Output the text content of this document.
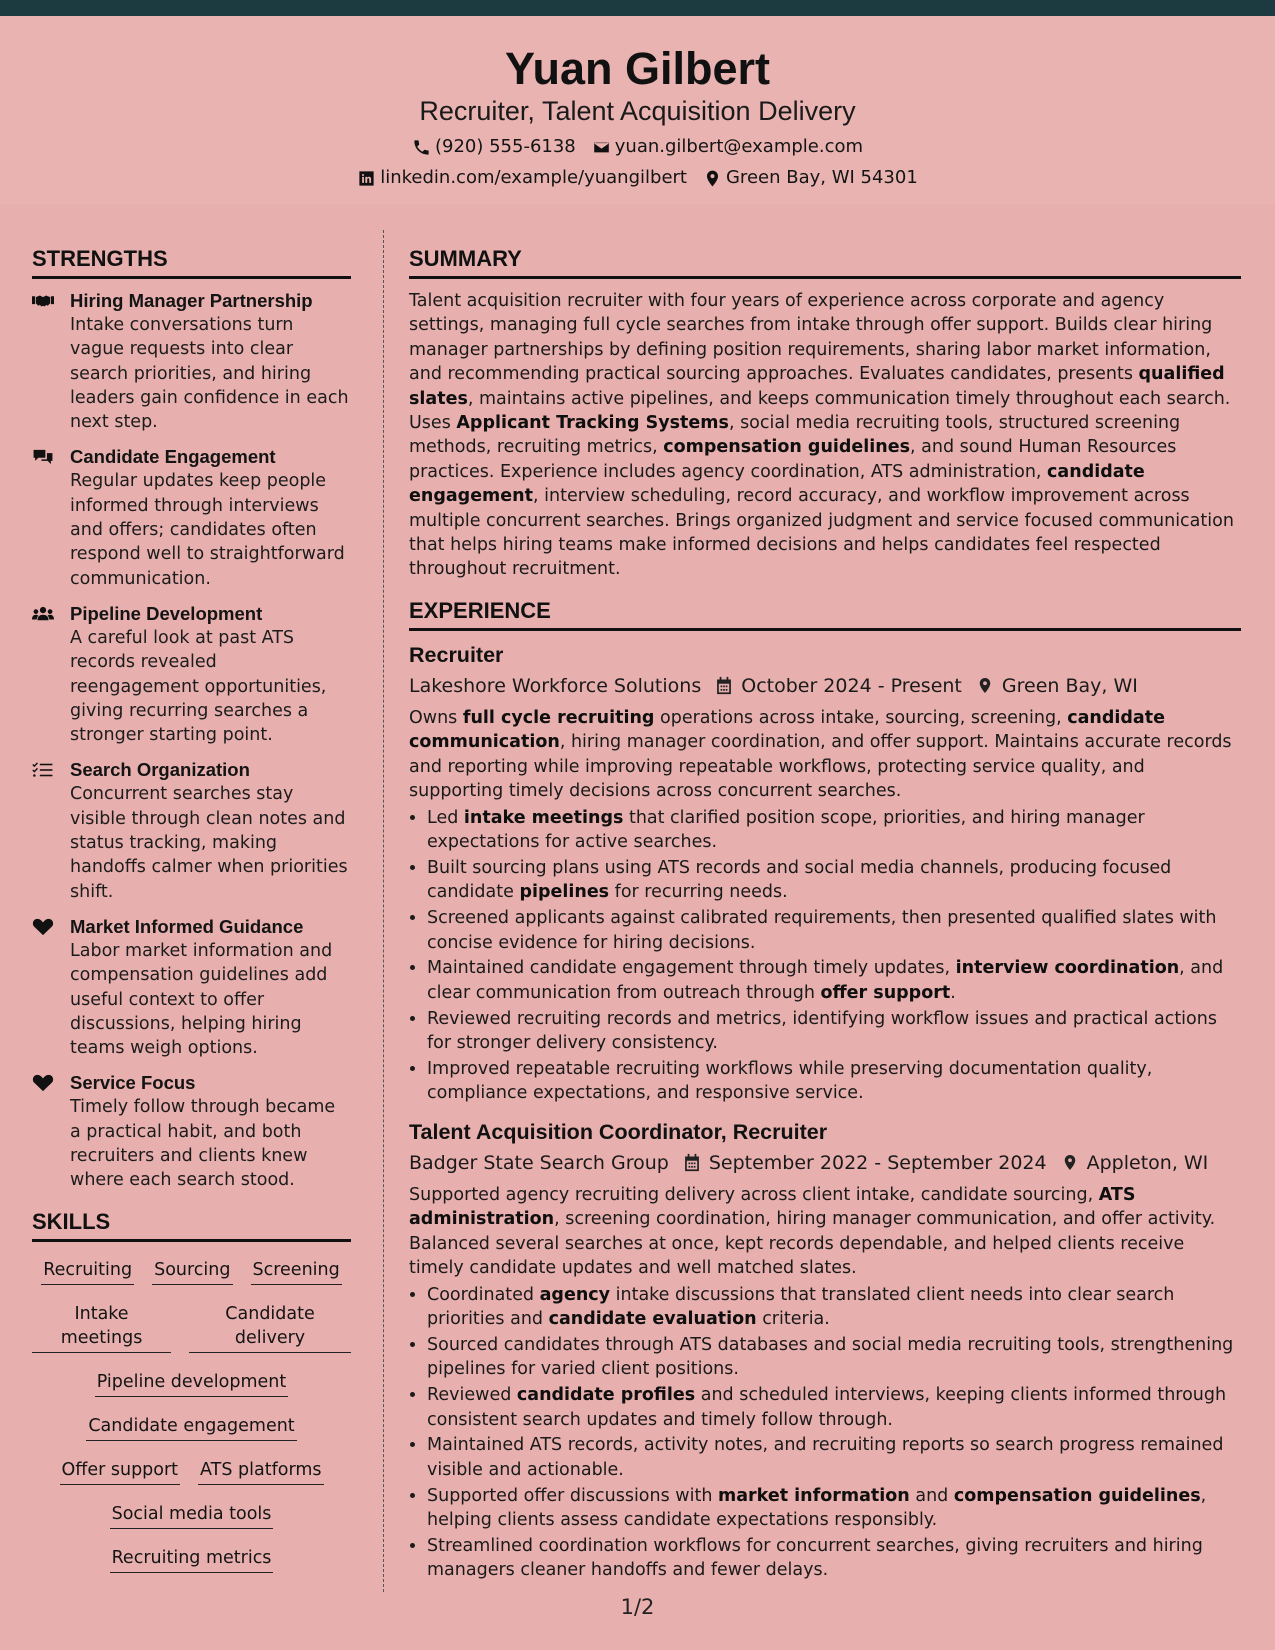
Yuan Gilbert
Recruiter, Talent Acquisition Delivery
(920) 555-6138 yuan.gilbert@example.com
linkedin.com/example/yuangilbert Green Bay, WI 54301
STRENGTHS
Hiring Manager Partnership
Intake conversations turn vague requests into clear search priorities, and hiring leaders gain confidence in each next step.
Candidate Engagement
Regular updates keep people informed through interviews and offers; candidates often respond well to straightforward communication.
Pipeline Development
A careful look at past ATS records revealed reengagement opportunities, giving recurring searches a stronger starting point.
Search Organization
Concurrent searches stay visible through clean notes and status tracking, making handoffs calmer when priorities shift.
Market Informed Guidance
Labor market information and compensation guidelines add useful context to offer discussions, helping hiring teams weigh options.
Service Focus
Timely follow through became a practical habit, and both recruiters and clients knew where each search stood.
SKILLS
Recruiting Sourcing Screening
Intake meetings
Candidate delivery
Pipeline development
Candidate engagement
Offer support ATS platforms
Social media tools
Recruiting metrics
SUMMARY
Talent acquisition recruiter with four years of experience across corporate and agency settings, managing full cycle searches from intake through offer support. Builds clear hiring manager partnerships by defining position requirements, sharing labor market information, and recommending practical sourcing approaches. Evaluates candidates, presents qualified slates, maintains active pipelines, and keeps communication timely throughout each search. Uses Applicant Tracking Systems, social media recruiting tools, structured screening methods, recruiting metrics, compensation guidelines, and sound Human Resources practices. Experience includes agency coordination, ATS administration, candidate engagement, interview scheduling, record accuracy, and workflow improvement across multiple concurrent searches. Brings organized judgment and service focused communication that helps hiring teams make informed decisions and helps candidates feel respected throughout recruitment.
EXPERIENCE
Recruiter
Lakeshore Workforce Solutions October 2024 - Present Green Bay, WI
Owns full cycle recruiting operations across intake, sourcing, screening, candidate communication, hiring manager coordination, and offer support. Maintains accurate records and reporting while improving repeatable workflows, protecting service quality, and supporting timely decisions across concurrent searches.
• Led intake meetings that clarified position scope, priorities, and hiring manager expectations for active searches.
• Built sourcing plans using ATS records and social media channels, producing focused candidate pipelines for recurring needs.
• Screened applicants against calibrated requirements, then presented qualified slates with concise evidence for hiring decisions.
• Maintained candidate engagement through timely updates, interview coordination, and clear communication from outreach through offer support.
• Reviewed recruiting records and metrics, identifying workflow issues and practical actions for stronger delivery consistency.
• Improved repeatable recruiting workflows while preserving documentation quality, compliance expectations, and responsive service.
Talent Acquisition Coordinator, Recruiter
Badger State Search Group September 2022 - September 2024 Appleton, WI
Supported agency recruiting delivery across client intake, candidate sourcing, ATS administration, screening coordination, hiring manager communication, and offer activity. Balanced several searches at once, kept records dependable, and helped clients receive timely candidate updates and well matched slates.
• Coordinated agency intake discussions that translated client needs into clear search priorities and candidate evaluation criteria.
• Sourced candidates through ATS databases and social media recruiting tools, strengthening pipelines for varied client positions.
• Reviewed candidate profiles and scheduled interviews, keeping clients informed through consistent search updates and timely follow through.
• Maintained ATS records, activity notes, and recruiting reports so search progress remained visible and actionable.
• Supported offer discussions with market information and compensation guidelines, helping clients assess candidate expectations responsibly.
• Streamlined coordination workflows for concurrent searches, giving recruiters and hiring managers cleaner handoffs and fewer delays.
1/2
